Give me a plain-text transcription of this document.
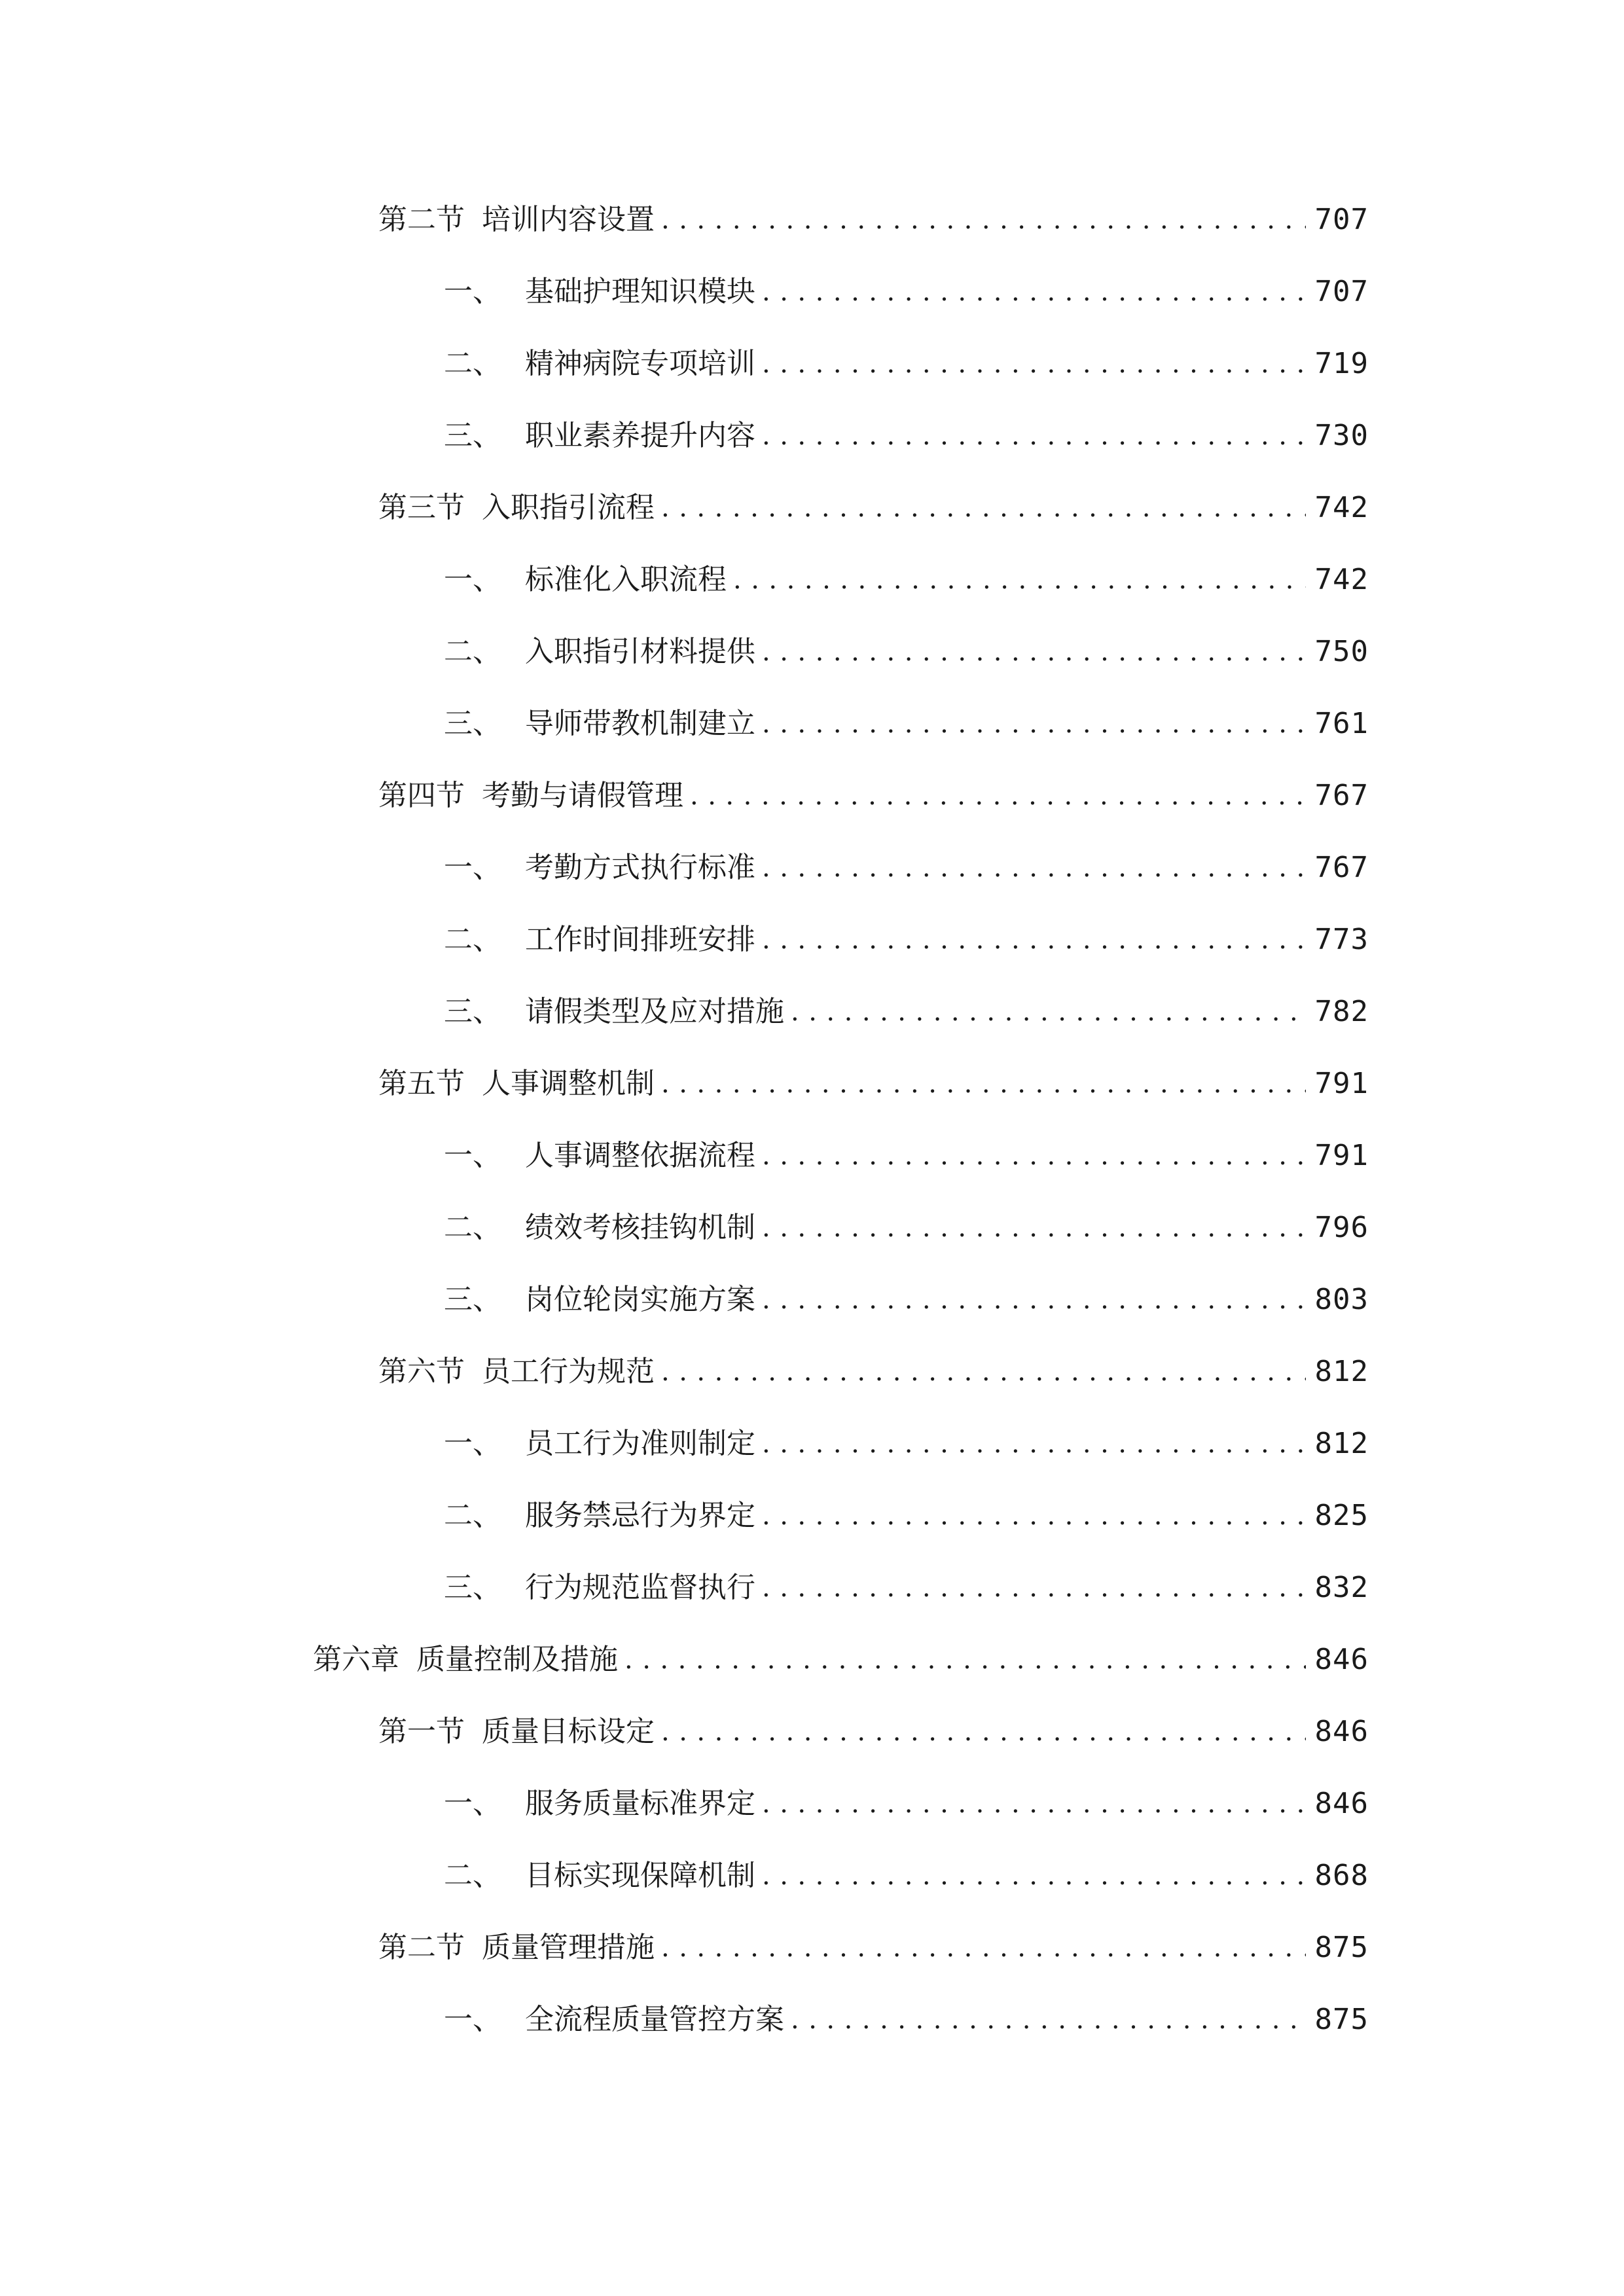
第二节 培训内容设置 .....	707
一、 基础护理知识模块 .....	707
二、 精神病院专项培训 .....	719
三、 职业素养提升内容 .....	730
第三节 入职指引流程 .....	742
一、 标准化入职流程 .....	742
二、 入职指引材料提供 .....	750
三、 导师带教机制建立 .....	761
第四节 考勤与请假管理 .....	767
一、 考勤方式执行标准 .....	767
二、 工作时间排班安排 .....	773
三、 请假类型及应对措施 .....	782
第五节 人事调整机制 .....	791
一、 人事调整依据流程 .....	791
二、 绩效考核挂钩机制 .....	796
三、 岗位轮岗实施方案 .....	803
第六节 员工行为规范 .....	812
一、 员工行为准则制定 .....	812
二、 服务禁忌行为界定 .....	825
三、 行为规范监督执行 .....	832
第六章 质量控制及措施 .....	846
第一节 质量目标设定 .....	846
一、 服务质量标准界定 .....	846
二、 目标实现保障机制 .....	868
第二节 质量管理措施 .....	875
一、 全流程质量管控方案 .....	875
